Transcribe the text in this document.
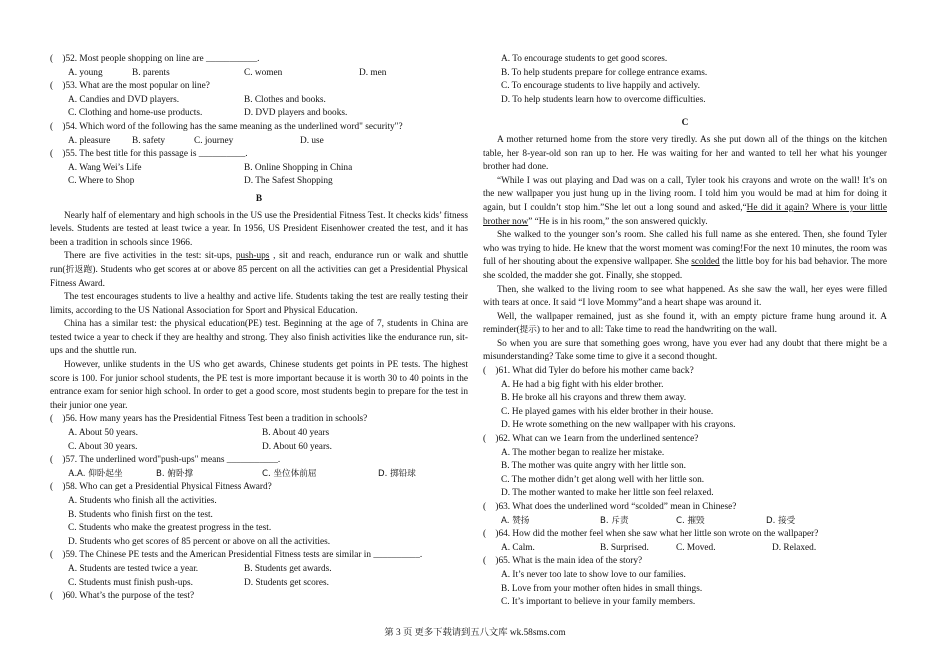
(　)52. Most people shopping on line are ___________.
A. young	B. parents	C. women	D. men
(　)53. What are the most popular on line?
A. Candies and DVD players.	B. Clothes and books.
C. Clothing and home-use products.	D. DVD players and books.
(　)54. Which word of the following has the same meaning as the underlined word" security"?
A. pleasure B. safety	C. journey	D. use
(　)55. The best title for this passage is __________.
A. Wang Wei’s Life	B. Online Shopping in China
C. Where to Shop	D. The Safest Shopping
B

Nearly half of elementary and high schools in the US use the Presidential Fitness Test. It checks kids’ fitness levels. Students are tested at least twice a year. In 1956, US President Eisenhower created the test, and it has been a tradition in schools since 1966.

There are five activities in the test: sit-ups, push-ups , sit and reach, endurance run or walk and shuttle run(折返跑). Students who get scores at or above 85 percent on all the activities can get a Presidential Physical Fitness Award.

The test encourages students to live a healthy and active life. Students taking the test are really testing their limits, according to the US National Association for Sport and Physical Education.

China has a similar test: the physical education(PE) test. Beginning at the age of 7, students in China are tested twice a year to check if they are healthy and strong. They also finish activities like the endurance run, sit-ups and the shuttle run.

However, unlike students in the US who get awards, Chinese students get points in PE tests. The highest score is 100. For junior school students, the PE test is more important because it is worth 30 to 40 points in the entrance exam for senior high school. In order to get a good score, most students begin to prepare for the test in their junior one year.

(　)56. How many years has the Presidential Fitness Test been a tradition in schools?
A. About 50 years.	B. About 40 years
C. About 30 years.	D. About 60 years.
(　)57. The underlined word"push-ups" means ___________.
A. A. 仰卧起坐	B. 俯卧撑	C. 坐位体前屈	D. 掷铅球
(　)58. Who can get a Presidential Physical Fitness Award?
A. Students who finish all the activities.
B. Students who finish first on the test.
C. Students who make the greatest progress in the test.
D. Students who get scores of 85 percent or above on all the activities.
(　)59. The Chinese PE tests and the American Presidential Fitness tests are similar in __________.
A. Students are tested twice a year.	B. Students get awards.
C. Students must finish push-ups.	D. Students get scores.
(　)60. What’s the purpose of the test?
A. To encourage students to get good scores.
B. To help students prepare for college entrance exams.
C. To encourage students to live happily and actively.
D. To help students learn how to overcome difficulties.
C

A mother returned home from the store very tiredly. As she put down all of the things on the kitchen table, her 8-year-old son ran up to her. He was waiting for her and wanted to tell her what his younger brother had done.

“While I was out playing and Dad was on a call, Tyler took his crayons and wrote on the wall! It’s on the new wallpaper you just hung up in the living room. I told him you would be mad at him for doing it again, but I couldn’t stop him.”She let out a long sound and asked,“He did it again? Where is your little brother now” “He is in his room,” the son answered quickly.

She walked to the younger son’s room. She called his full name as she entered. Then, she found Tyler who was trying to hide. He knew that the worst moment was coming!For the next 10 minutes, the room was full of her shouting about the expensive wallpaper. She scolded the little boy for his bad behavior. The more she scolded, the madder she got. Finally, she stopped.

Then, she walked to the living room to see what happened. As she saw the wall, her eyes were filled with tears at once. It said “I love Mommy”and a heart shape was around it.

Well, the wallpaper remained, just as she found it, with an empty picture frame hung around it. A reminder(提示) to her and to all: Take time to read the handwriting on the wall.

So when you are sure that something goes wrong, have you ever had any doubt that there might be a misunderstanding? Take some time to give it a second thought.

(　)61. What did Tyler do before his mother came back?
A. He had a big fight with his elder brother.
B. He broke all his crayons and threw them away.
C. He played games with his elder brother in their house.
D. He wrote something on the new wallpaper with his crayons.
(　)62. What can we 1earn from the underlined sentence?
A. The mother began to realize her mistake.
B. The mother was quite angry with her little son.
C. The mother didn’t get along well with her little son.
D. The mother wanted to make her little son feel relaxed.
(　)63. What does the underlined word “scolded” mean in Chinese?
A. 赞扬	B. 斥责	C. 摧毁	D. 接受
(　)64. How did the mother feel when she saw what her little son wrote on the wallpaper?
A. Calm.	B. Surprised.	C. Moved.	D. Relaxed.
(　)65. What is the main idea of the story?
A. It’s never too late to show love to our families.
B. Love from your mother often hides in small things.
C. It’s important to believe in your family members.
第 3 页 更多下载请到五八文库 wk.58sms.com
